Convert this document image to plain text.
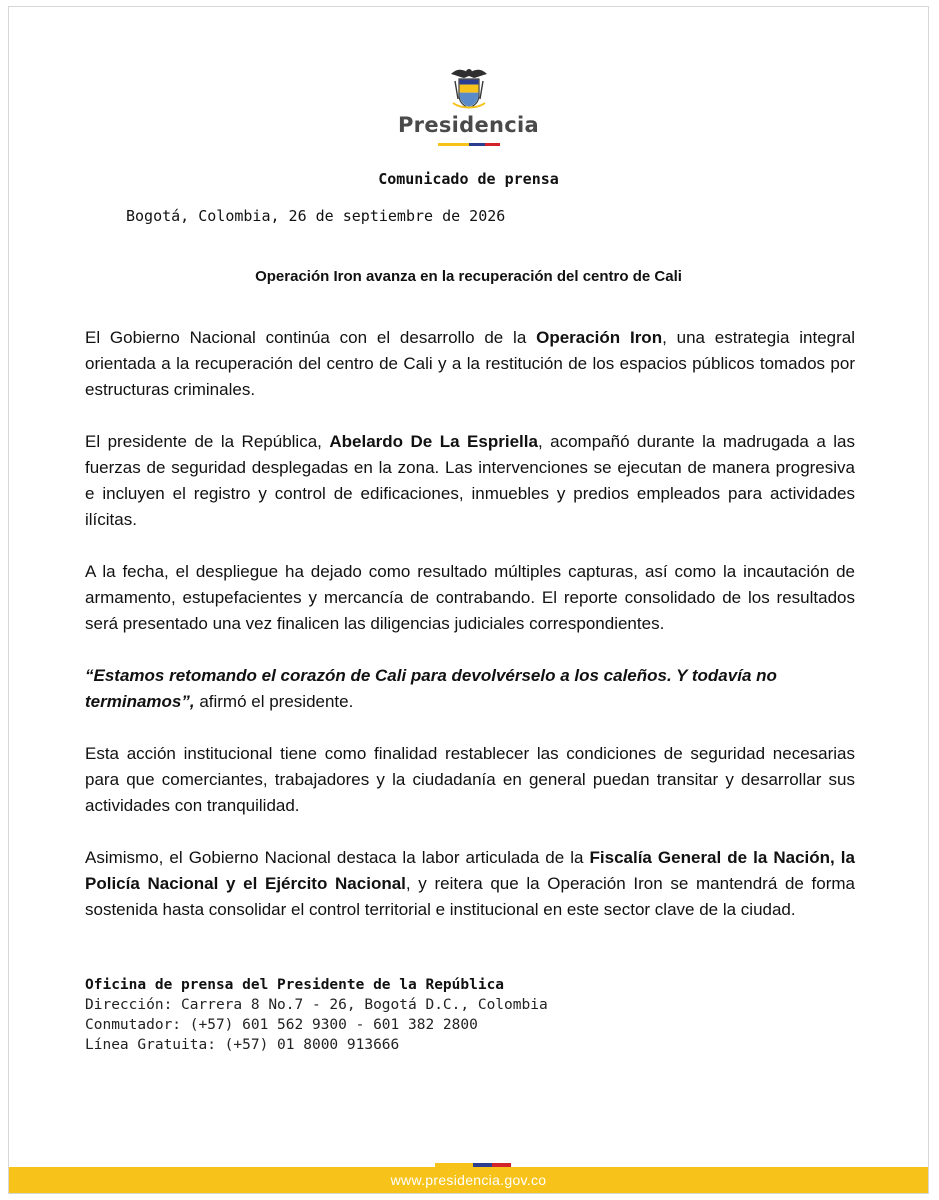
Presidencia
Comunicado de prensa
Bogotá, Colombia, 26 de septiembre de 2026
Operación Iron avanza en la recuperación del centro de Cali

El Gobierno Nacional continúa con el desarrollo de la Operación Iron, una estrategia integral orientada a la recuperación del centro de Cali y a la restitución de los espacios públicos tomados por estructuras criminales.

El presidente de la República, Abelardo De La Espriella, acompañó durante la madrugada a las fuerzas de seguridad desplegadas en la zona. Las intervenciones se ejecutan de manera progresiva e incluyen el registro y control de edificaciones, inmuebles y predios empleados para actividades ilícitas.

A la fecha, el despliegue ha dejado como resultado múltiples capturas, así como la incautación de armamento, estupefacientes y mercancía de contrabando. El reporte consolidado de los resultados será presentado una vez finalicen las diligencias judiciales correspondientes.

“Estamos retomando el corazón de Cali para devolvérselo a los caleños. Y todavía no terminamos”, afirmó el presidente.

Esta acción institucional tiene como finalidad restablecer las condiciones de seguridad necesarias para que comerciantes, trabajadores y la ciudadanía en general puedan transitar y desarrollar sus actividades con tranquilidad.

Asimismo, el Gobierno Nacional destaca la labor articulada de la Fiscalía General de la Nación, la Policía Nacional y el Ejército Nacional, y reitera que la Operación Iron se mantendrá de forma sostenida hasta consolidar el control territorial e institucional en este sector clave de la ciudad.

Oficina de prensa del Presidente de la República
Dirección: Carrera 8 No.7 - 26, Bogotá D.C., Colombia
Conmutador: (+57) 601 562 9300 - 601 382 2800
Línea Gratuita: (+57) 01 8000 913666
www.presidencia.gov.co
